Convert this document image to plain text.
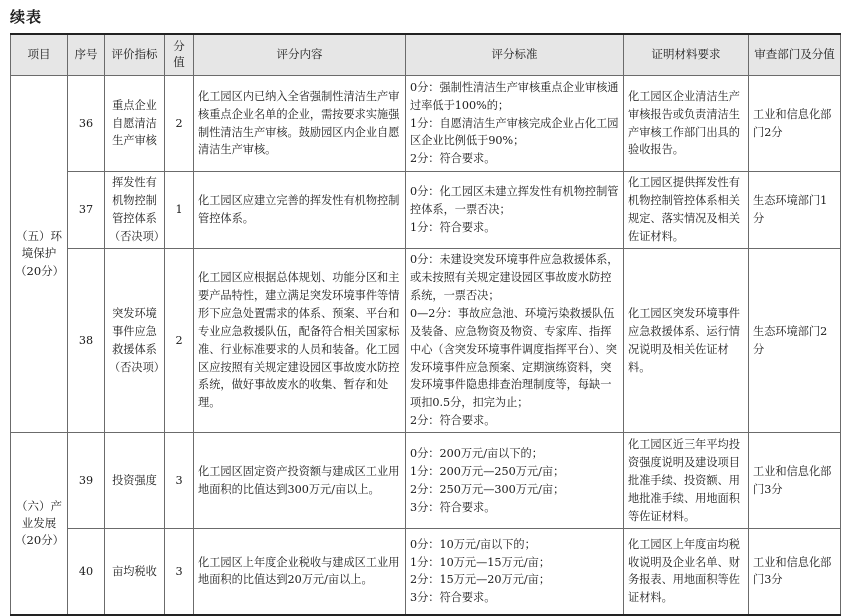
续表
项目	序号	评价指标	分值	评分内容	评分标准	证明材料要求	审查部门及分值
（五）环境保护（20分）	36	重点企业自愿清洁生产审核	2	化工园区内已纳入全省强制性清洁生产审核重点企业名单的企业，需按要求实施强制性清洁生产审核。鼓励园区内企业自愿清洁生产审核。	0分：强制性清洁生产审核重点企业审核通过率低于100%的；
1分：自愿清洁生产审核完成企业占化工园区企业比例低于90%；
2分：符合要求。	化工园区企业清洁生产审核报告或负责清洁生产审核工作部门出具的验收报告。	工业和信息化部门2分
	37	挥发性有机物控制管控体系（否决项）	1	化工园区应建立完善的挥发性有机物控制管控体系。	0分：化工园区未建立挥发性有机物控制管控体系，一票否决；
1分：符合要求。	化工园区提供挥发性有机物控制管控体系相关规定、落实情况及相关佐证材料。	生态环境部门1分
	38	突发环境事件应急救援体系（否决项）	2	化工园区应根据总体规划、功能分区和主要产品特性，建立满足突发环境事件等情形下应急处置需求的体系、预案、平台和专业应急救援队伍，配备符合相关国家标准、行业标准要求的人员和装备。化工园区应按照有关规定建设园区事故废水防控系统，做好事故废水的收集、暂存和处理。	0分：未建设突发环境事件应急救援体系，或未按照有关规定建设园区事故废水防控系统，一票否决；
0—2分：事故应急池、环境污染救援队伍及装备、应急物资及物资、专家库、指挥中心（含突发环境事件调度指挥平台）、突发环境事件应急预案、定期演练资料，突发环境事件隐患排查治理制度等，每缺一项扣0.5分，扣完为止；
2分：符合要求。	化工园区突发环境事件应急救援体系、运行情况说明及相关佐证材料。	生态环境部门2分
（六）产业发展（20分）	39	投资强度	3	化工园区固定资产投资额与建成区工业用地面积的比值达到300万元/亩以上。	0分：200万元/亩以下的；
1分：200万元—250万元/亩；
2分：250万元—300万元/亩；
3分：符合要求。	化工园区近三年平均投资强度说明及建设项目批准手续、投资额、用地批准手续、用地面积等佐证材料。	工业和信息化部门3分
	40	亩均税收	3	化工园区上年度企业税收与建成区工业用地面积的比值达到20万元/亩以上。	0分：10万元/亩以下的；
1分：10万元—15万元/亩；
2分：15万元—20万元/亩；
3分：符合要求。	化工园区上年度亩均税收说明及企业名单、财务报表、用地面积等佐证材料。	工业和信息化部门3分
